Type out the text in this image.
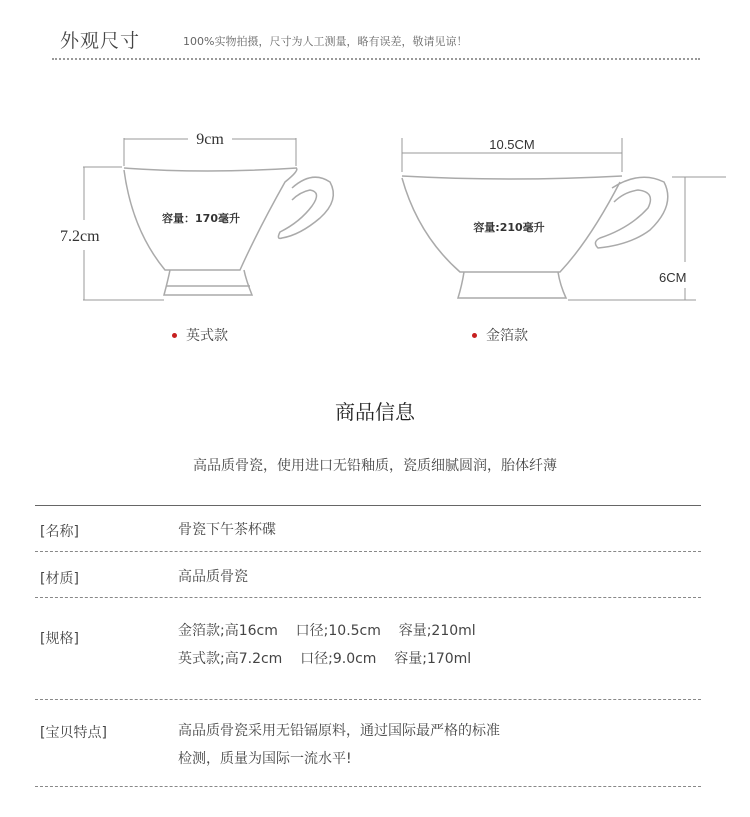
外观尺寸	100%实物拍摄，尺寸为人工测量，略有误差，敬请见谅！
9cm
7.2cm
容量：170毫升
10.5CM
6CM
容量:210毫升
英式款	金箔款
商品信息
高品质骨瓷，使用进口无铅釉质，瓷质细腻圆润，胎体纤薄
[名称]	骨瓷下午茶杯碟
[材质]	高品质骨瓷
[规格]	金箔款;高16cm    口径;10.5cm    容量;210ml
英式款;高7.2cm    口径;9.0cm    容量;170ml
[宝贝特点]	高品质骨瓷采用无铅镉原料，通过国际最严格的标准
检测，质量为国际一流水平!
